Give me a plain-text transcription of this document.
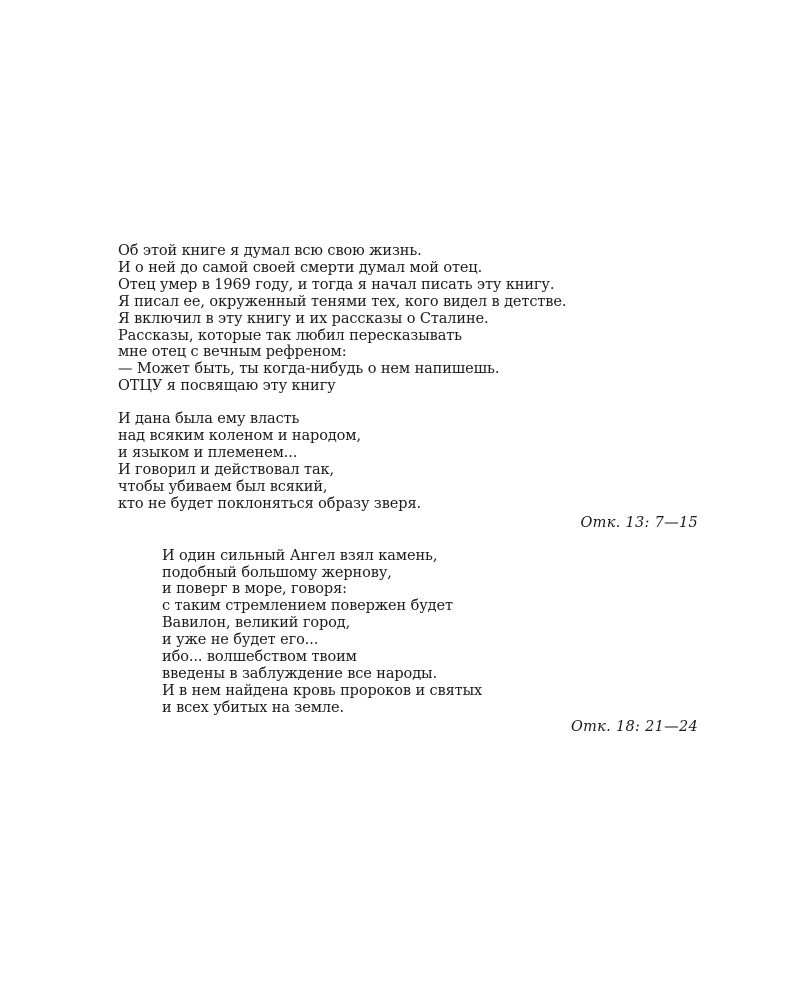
Об этой книге я думал всю свою жизнь.
И о ней до самой своей смерти думал мой отец.
Отец умер в 1969 году, и тогда я начал писать эту книгу.
Я писал ее, окруженный тенями тех, кого видел в детстве.
Я включил в эту книгу и их рассказы о Сталине.
Рассказы, которые так любил пересказывать
мне отец с вечным рефреном:
— Может быть, ты когда-нибудь о нем напишешь.
ОТЦУ я посвящаю эту книгу
И дана была ему власть
над всяким коленом и народом,
и языком и племенем...
И говорил и действовал так,
чтобы убиваем был всякий,
кто не будет поклоняться образу зверя.
Отк. 13: 7—15
И один сильный Ангел взял камень,
подобный большому жернову,
и поверг в море, говоря:
с таким стремлением повержен будет
Вавилон, великий город,
и уже не будет его...
ибо... волшебством твоим
введены в заблуждение все народы.
И в нем найдена кровь пророков и святых
и всех убитых на земле.
Отк. 18: 21—24
